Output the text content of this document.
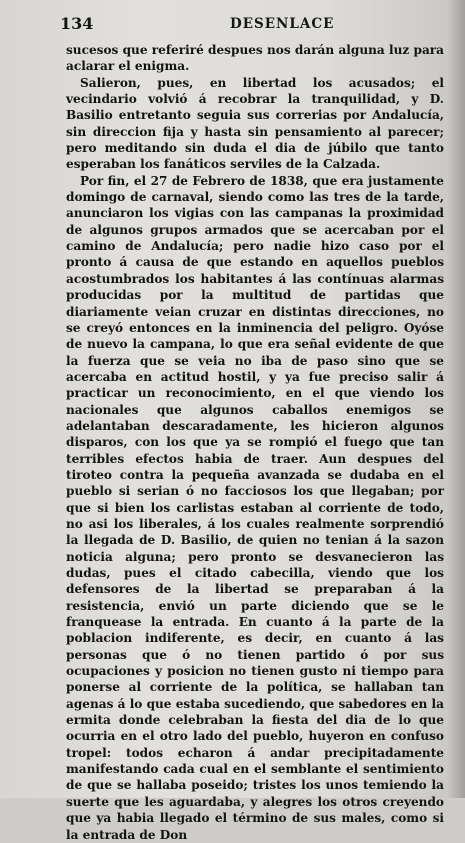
134	DESENLACE

sucesos que referiré despues nos darán alguna luz para aclarar el enigma.

Salieron, pues, en libertad los acusados; el vecindario volvió á recobrar la tranquilidad, y D. Basilio entretanto seguia sus correrias por Andalucía, sin direccion fija y hasta sin pensamiento al parecer; pero meditando sin duda el dia de júbilo que tanto esperaban los fanáticos serviles de la Calzada.

Por fin, el 27 de Febrero de 1838, que era justamente domingo de carnaval, siendo como las tres de la tarde, anunciaron los vigias con las campanas la proximidad de algunos grupos armados que se acercaban por el camino de Andalucía; pero nadie hizo caso por el pronto á causa de que estando en aquellos pueblos acostumbrados los habitantes á las contínuas alarmas producidas por la multitud de partidas que diariamente veian cruzar en distintas direcciones, no se creyó entonces en la inminencia del peligro. Oyóse de nuevo la campana, lo que era señal evidente de que la fuerza que se veia no iba de paso sino que se acercaba en actitud hostil, y ya fue preciso salir á practicar un reconocimiento, en el que viendo los nacionales que algunos caballos enemigos se adelantaban descaradamente, les hicieron algunos disparos, con los que ya se rompió el fuego que tan terribles efectos habia de traer. Aun despues del tiroteo contra la pequeña avanzada se dudaba en el pueblo si serian ó no facciosos los que llegaban; por que si bien los carlistas estaban al corriente de todo, no asi los liberales, á los cuales realmente sorprendió la llegada de D. Basilio, de quien no tenian á la sazon noticia alguna; pero pronto se desvanecieron las dudas, pues el citado cabecilla, viendo que los defensores de la libertad se preparaban á la resistencia, envió un parte diciendo que se le franquease la entrada. En cuanto á la parte de la poblacion indiferente, es decir, en cuanto á las personas que ó no tienen partido ó por sus ocupaciones y posicion no tienen gusto ni tiempo para ponerse al corriente de la política, se hallaban tan agenas á lo que estaba sucediendo, que sabedores en la ermita donde celebraban la fiesta del dia de lo que ocurria en el otro lado del pueblo, huyeron en confuso tropel: todos echaron á andar precipitadamente manifestando cada cual en el semblante el sentimiento de que se hallaba poseido; tristes los unos temiendo la suerte que les aguardaba, y alegres los otros creyendo que ya habia llegado el término de sus males, como si la entrada de Don
